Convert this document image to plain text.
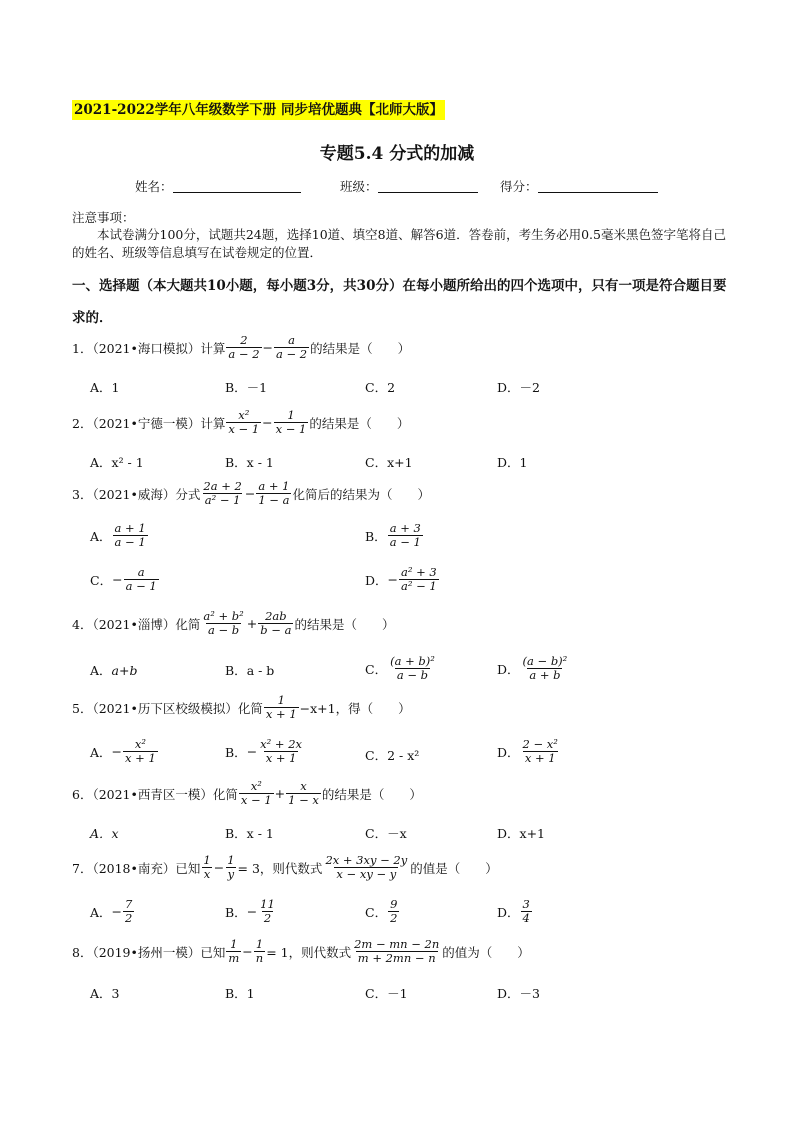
2021-2022学年八年级数学下册 同步培优题典【北师大版】
专题5.4 分式的加减
姓名：	班级：	得分：
注意事项：
本试卷满分100分，试题共24题，选择10道、填空8道、解答6道．答卷前，考生务必用0.5毫米黑色签字笔将自己的姓名、班级等信息填写在试卷规定的位置．
一、选择题（本大题共10小题，每小题3分，共30分）在每小题所给出的四个选项中，只有一项是符合题目要求的．
1．（2021•海口模拟）计算 $\frac{2}{a - 2} - \frac{a}{a - 2}$ 的结果是（　　）
A．1	B．－1	C．2	D．－2
2．（2021•宁德一模）计算 $\frac{\text{x²}}{x - 1} - \frac{1}{x - 1}$ 的结果是（　　）
A．x² - 1	B．x - 1	C．x+1	D．1
3．（2021•威海）分式 $\frac{2a + 2}{\text{a² − 1}} - \frac{a + 1}{1 - a}$ 化简后的结果为（　　）
A． $\frac{a + 1}{a - 1}$	B． $\frac{a + 3}{a - 1}$
C． − $\frac{a}{a - 1}$	D． − $\frac{\text{a² + 3}}{\text{a² − 1}}$
4．（2021•淄博）化简 $\frac{\text{a² + b²}}{a - b} + \frac{2ab}{b - a}$ 的结果是（　　）
A． a+b	B． a - b	C． $\frac{\text{(a + b)²}}{a - b}$	D． $\frac{\text{(a − b)²}}{a + b}$
5．（2021•历下区校级模拟）化简 $\frac{1}{x + 1} -x+1$，得（　　）
A． − $\frac{\text{x²}}{x + 1}$	B． − $\frac{\text{x² + 2x}}{x + 1}$	C． 2 - x²	D． $\frac{\text{2 − x²}}{x + 1}$
6．（2021•西青区一模）化简 $\frac{\text{x²}}{x - 1} + \frac{x}{1 - x}$ 的结果是（　　）
A．x	B．x - 1	C．－x	D．x+1
7．（2018•南充）已知 $\frac{1}{x} - \frac{1}{y} = 3$，则代数式 $\frac{2x + 3xy - 2y}{x - xy - y}$ 的值是（　　）
A． − $\frac{7}{2}$	B． − $\frac{11}{2}$	C． $\frac{9}{2}$	D． $\frac{3}{4}$
8．（2019•扬州一模）已知 $\frac{1}{m} - \frac{1}{n} = 1$，则代数式 $\frac{2m - mn - 2n}{m + 2mn - n}$ 的值为（　　）
A．3	B．1	C．－1	D．－3
